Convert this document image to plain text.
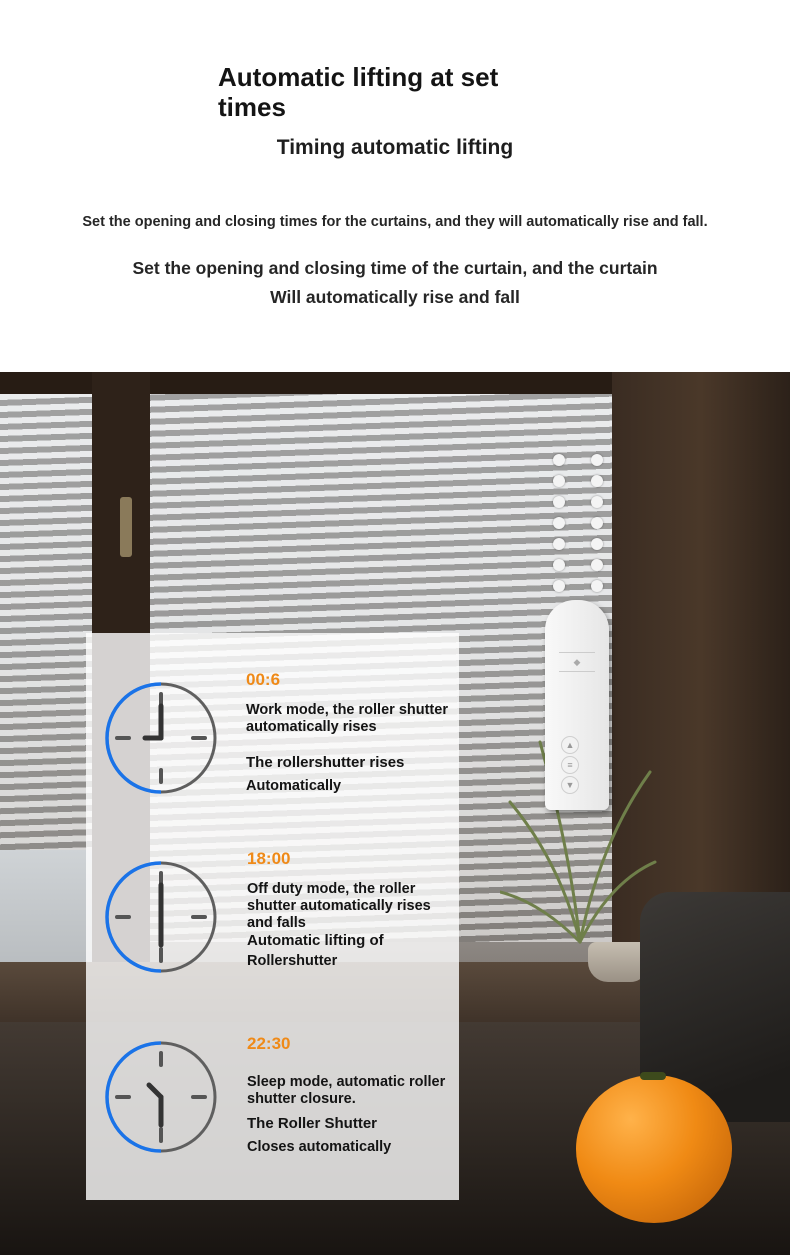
Automatic lifting at set times
Timing automatic lifting
Set the opening and closing times for the curtains, and they will automatically rise and fall.
Set the opening and closing time of the curtain, and the curtain
Will automatically rise and fall
◆
▲
≡
▼
00:6
Work mode, the roller shutter automatically rises
The rollershutter rises
Automatically
18:00
Off duty mode, the roller shutter automatically rises and falls
Automatic lifting of
Rollershutter
22:30
Sleep mode, automatic roller shutter closure.
The Roller Shutter
Closes automatically
